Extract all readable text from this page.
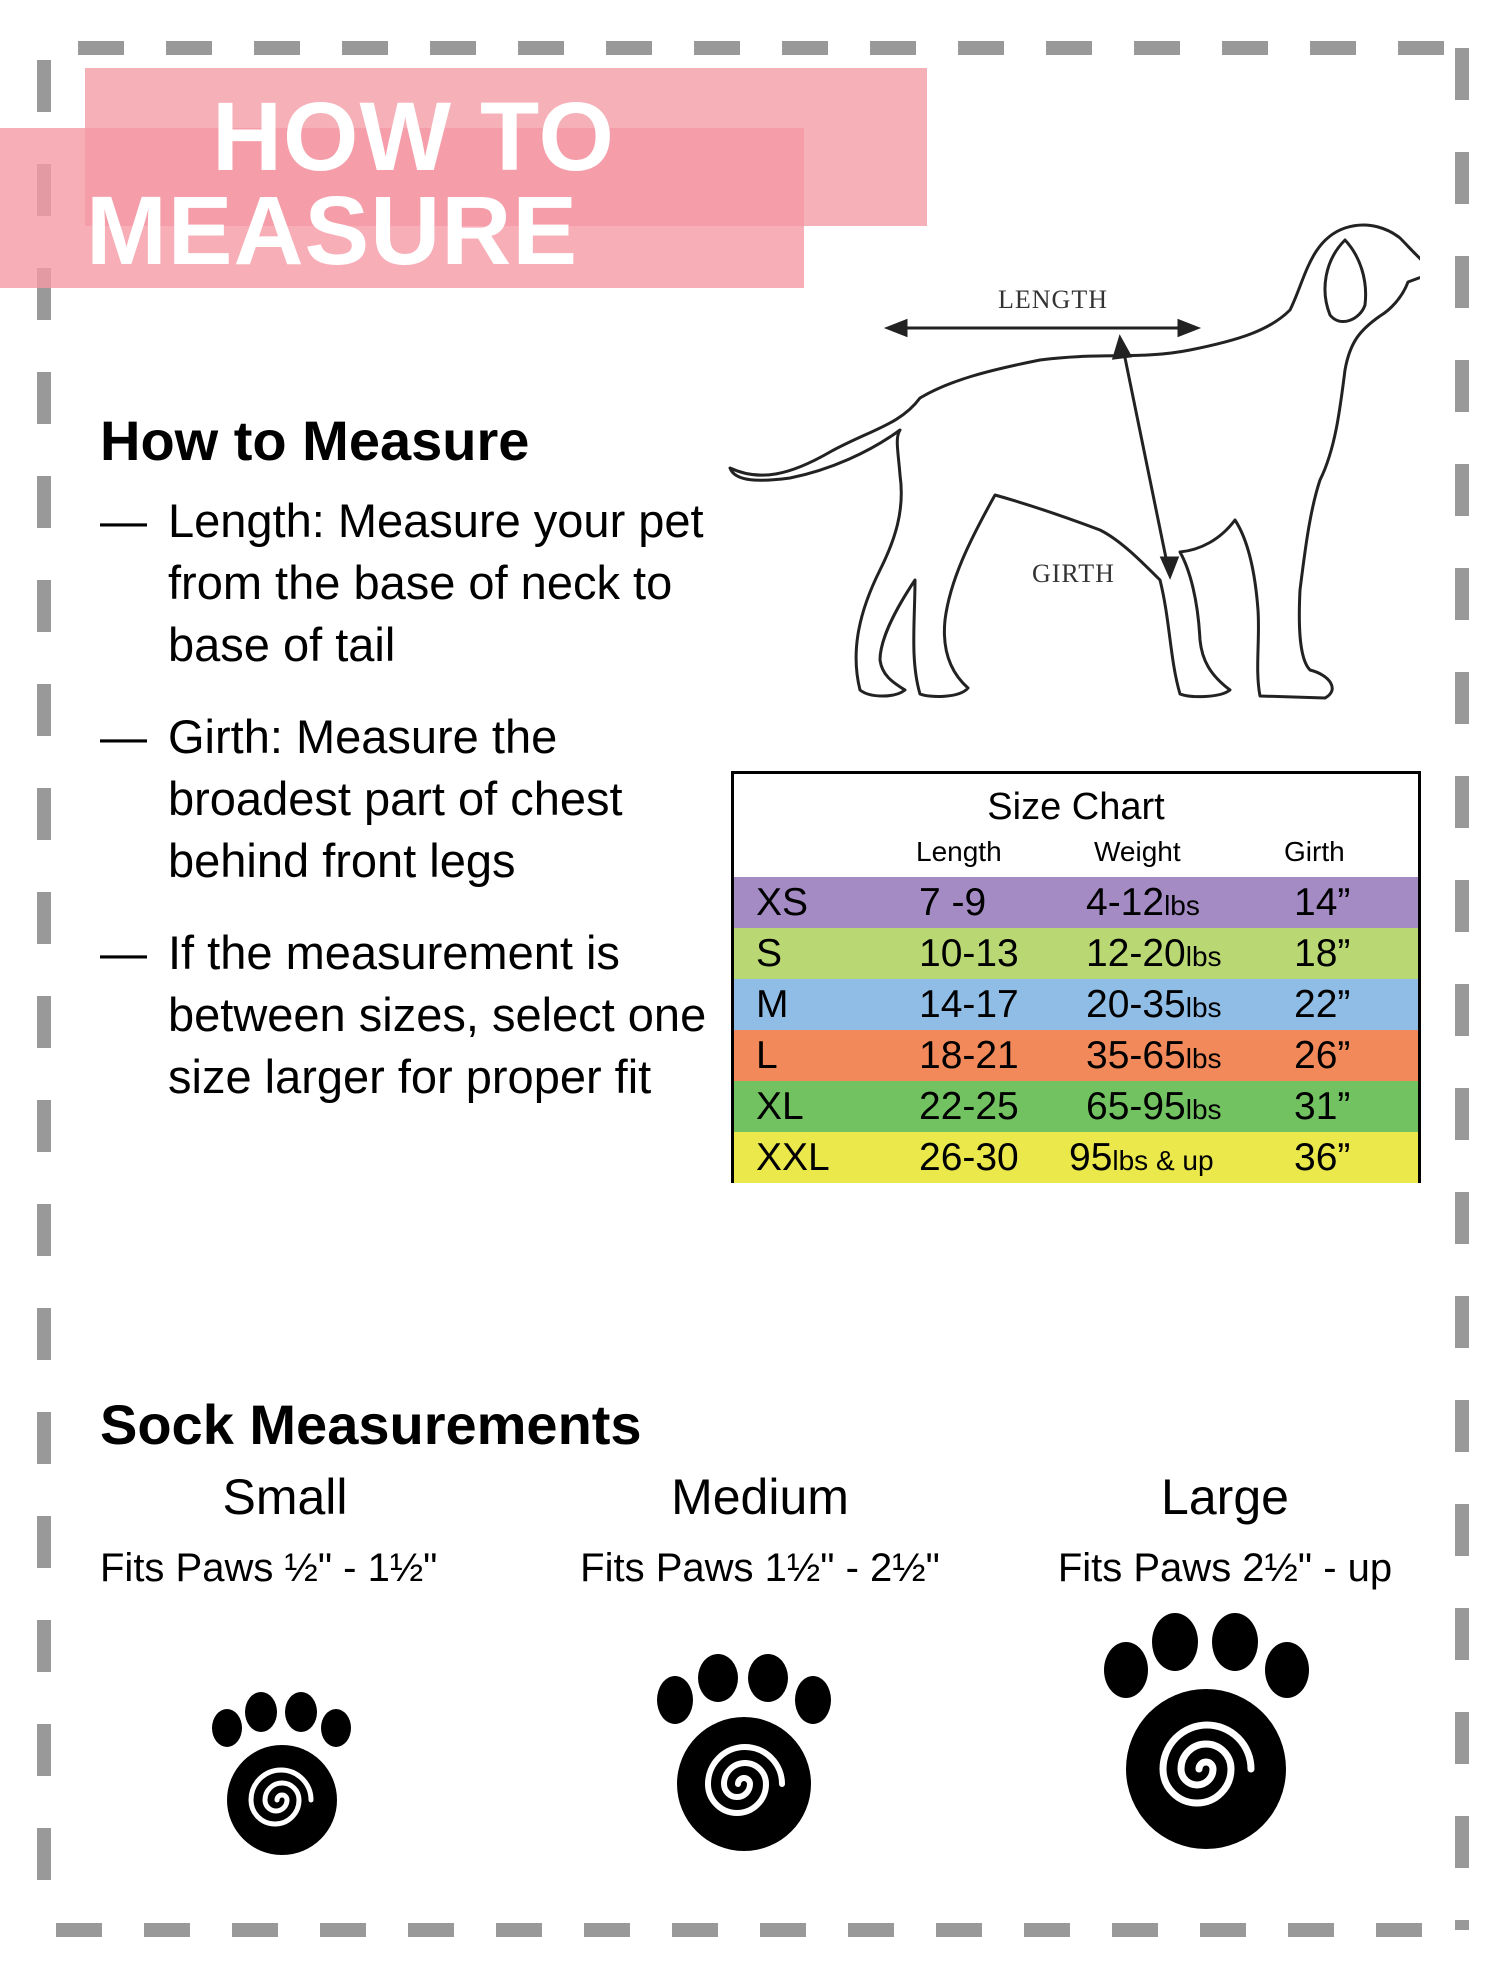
HOW TO
MEASURE
How to Measure
— Length: Measure your pet from the base of neck to base of tail
— Girth: Measure the broadest part of chest behind front legs
— If the measurement is between sizes, select one size larger for proper fit
LENGTH
GIRTH
Size Chart
Length	Weight	Girth
XS	7 -9	4-12lbs 14”
S	10-13 12-20lbs 18”
M	14-17 20-35lbs 22”
L	18-21 35-65lbs 26”
XL	22-25 65-95lbs 31”
XXL 26-30 95lbs & up 36”
Sock Measurements
Small
Fits Paws ½" - 1½"
Medium
Fits Paws 1½" - 2½"
Large
Fits Paws 2½" - up
